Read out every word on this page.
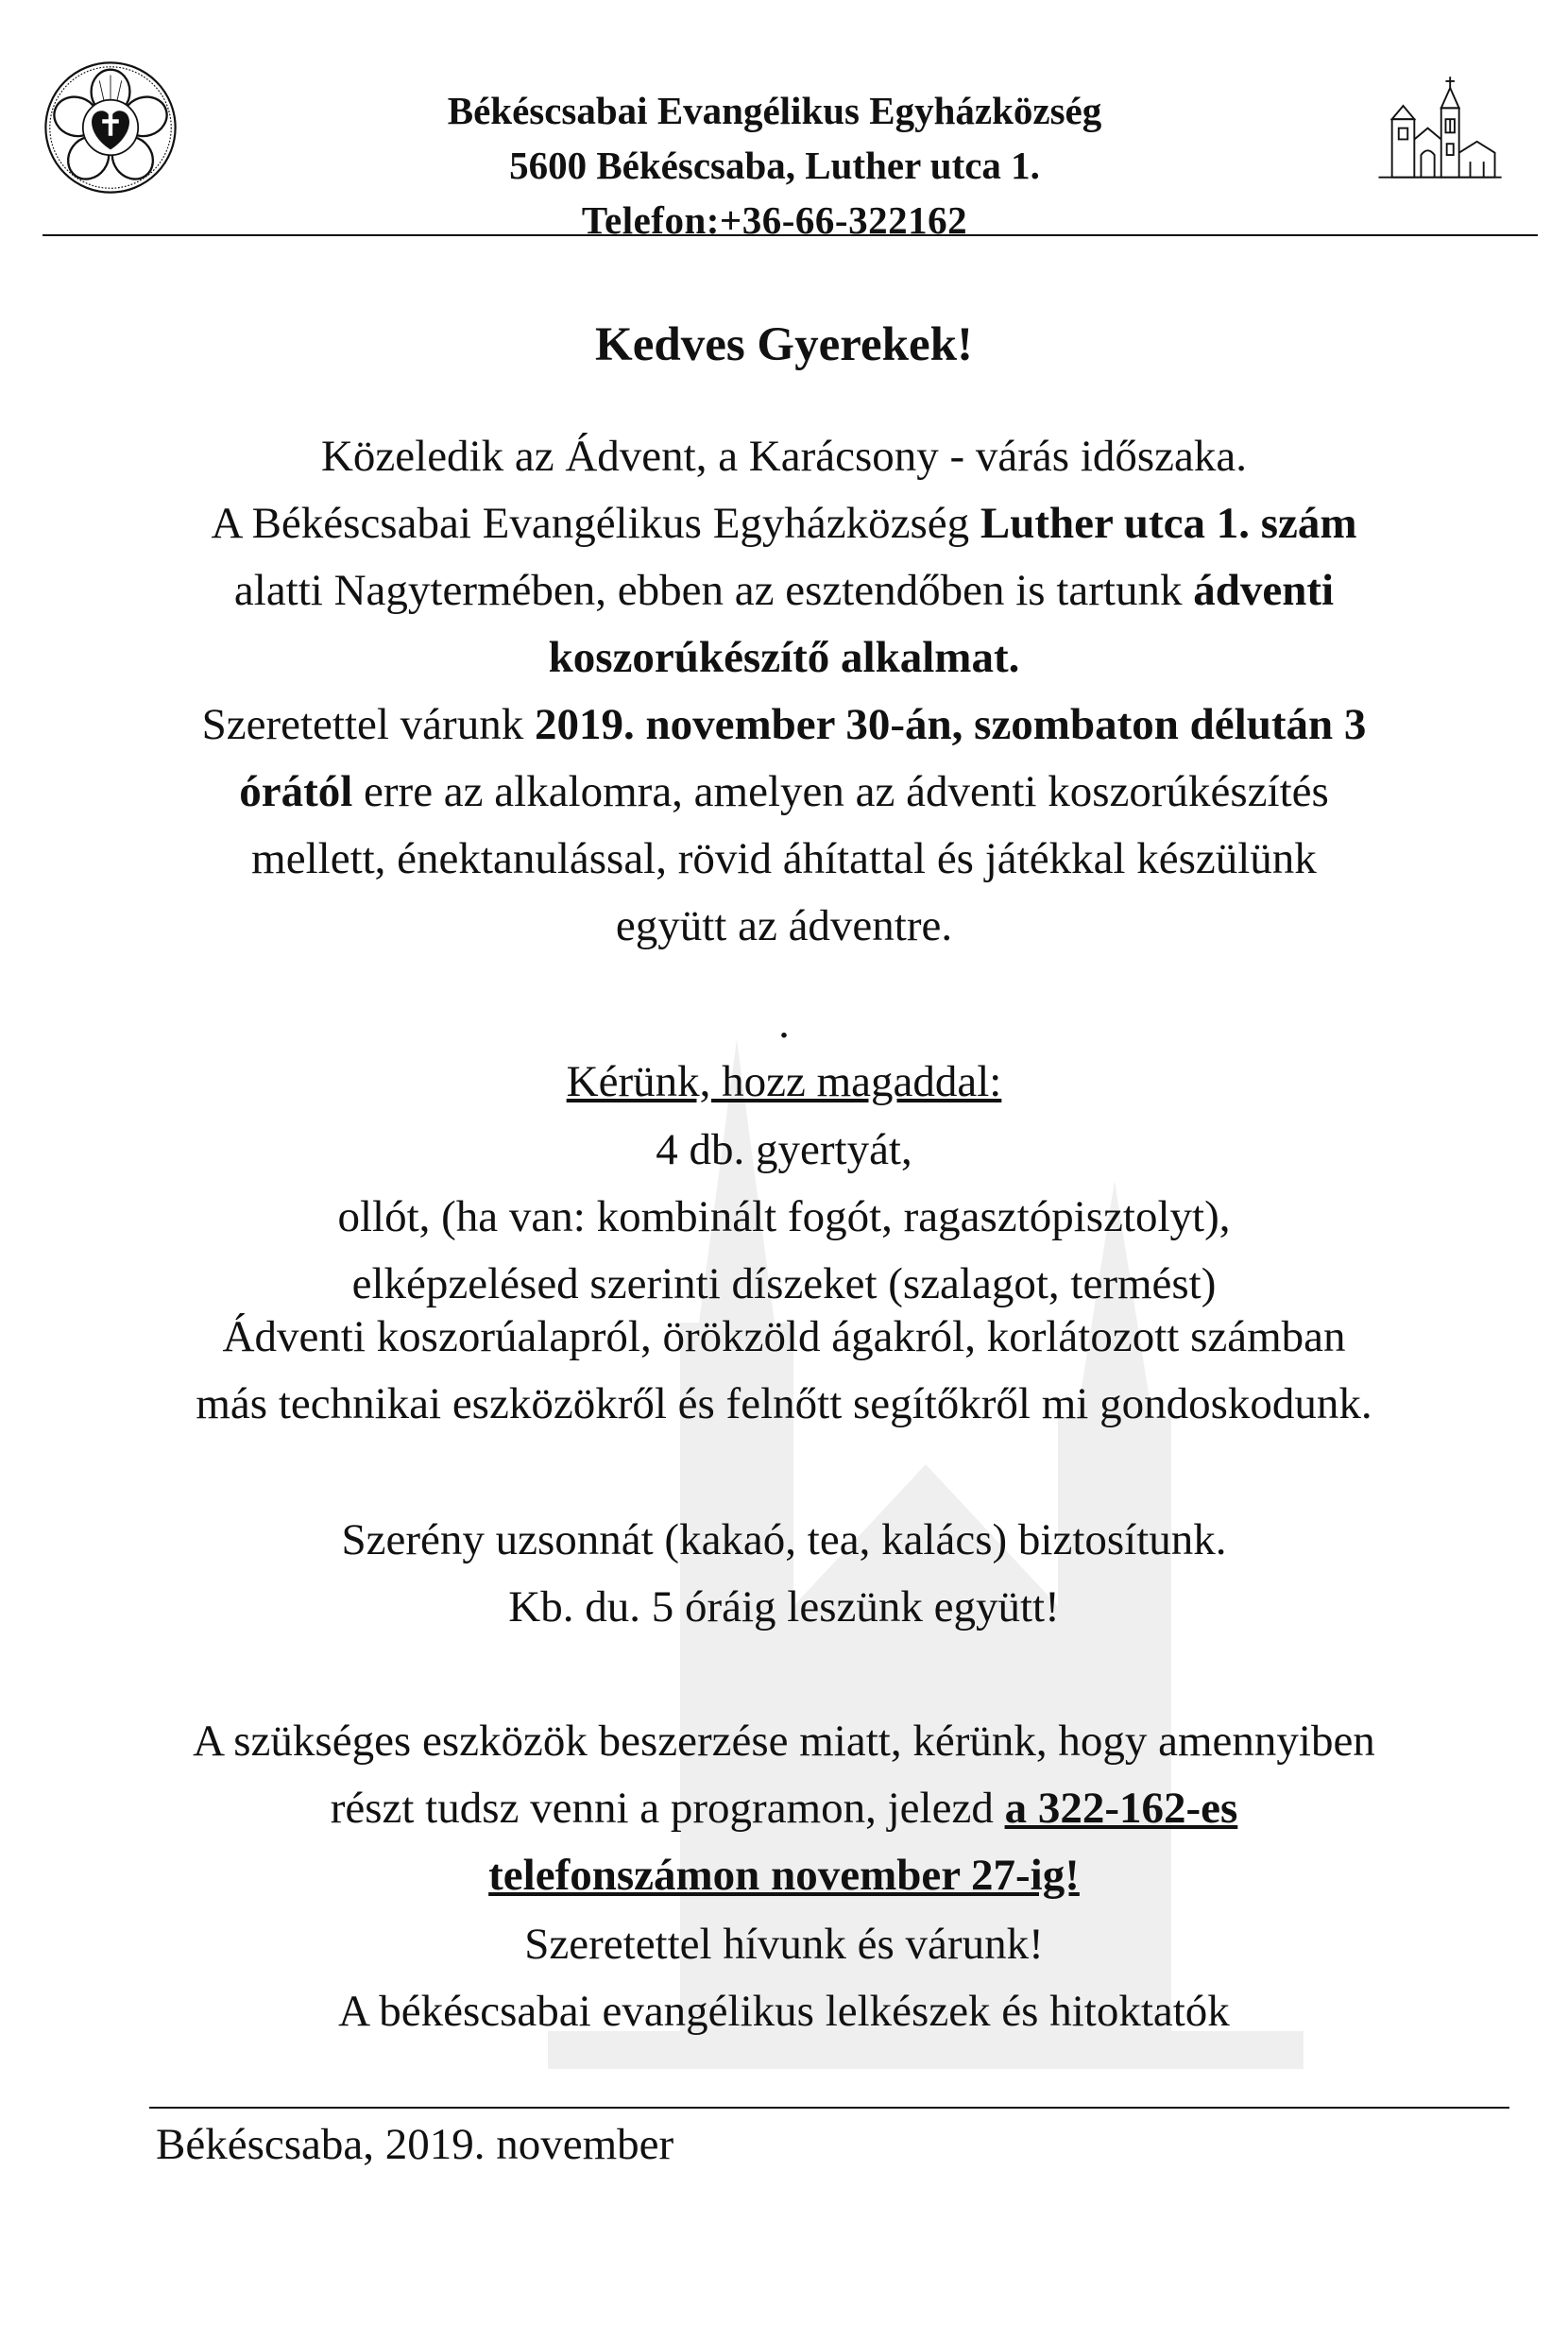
Békéscsabai Evangélikus Egyházközség
5600 Békéscsaba, Luther utca 1.
Telefon:+36-66-322162
Kedves Gyerekek!
Közeledik az Ádvent, a Karácsony - várás időszaka.
A Békéscsabai Evangélikus Egyházközség Luther utca 1. szám
alatti Nagytermében, ebben az esztendőben is tartunk ádventi
koszorúkészítő alkalmat.
Szeretettel várunk 2019. november 30-án, szombaton délután 3
órától erre az alkalomra, amelyen az ádventi koszorúkészítés
mellett, énektanulással, rövid áhítattal és játékkal készülünk
együtt az ádventre.
.
Kérünk, hozz magaddal:
4 db. gyertyát,
ollót, (ha van: kombinált fogót, ragasztópisztolyt),
elképzelésed szerinti díszeket (szalagot, termést)
Ádventi koszorúalapról, örökzöld ágakról, korlátozott számban
más technikai eszközökről és felnőtt segítőkről mi gondoskodunk.
Szerény uzsonnát (kakaó, tea, kalács) biztosítunk.
Kb. du. 5 óráig leszünk együtt!
A szükséges eszközök beszerzése miatt, kérünk, hogy amennyiben
részt tudsz venni a programon, jelezd a 322-162-es
telefonszámon november 27-ig!
Szeretettel hívunk és várunk!
A békéscsabai evangélikus lelkészek és hitoktatók
Békéscsaba, 2019. november
